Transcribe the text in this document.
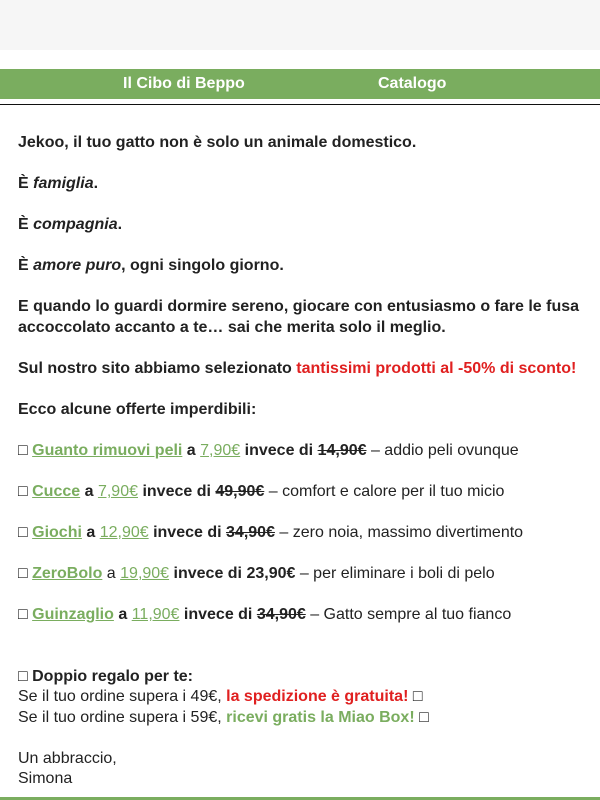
Il Cibo di Beppo	Catalogo
Jekoo, il tuo gatto non è solo un animale domestico.
È famiglia.
È compagnia.
È amore puro, ogni singolo giorno.
E quando lo guardi dormire sereno, giocare con entusiasmo o fare le fusa
accoccolato accanto a te… sai che merita solo il meglio.
Sul nostro sito abbiamo selezionato tantissimi prodotti al -50% di sconto!
Ecco alcune offerte imperdibili:
□ Guanto rimuovi peli a 7,90€ invece di 14,90€ – addio peli ovunque
□ Cucce a 7,90€ invece di 49,90€ – comfort e calore per il tuo micio
□ Giochi a 12,90€ invece di 34,90€ – zero noia, massimo divertimento
□ ZeroBolo a 19,90€ invece di 23,90€ – per eliminare i boli di pelo
□ Guinzaglio a 11,90€ invece di 34,90€ – Gatto sempre al tuo fianco
□ Doppio regalo per te:
Se il tuo ordine supera i 49€, la spedizione è gratuita! □
Se il tuo ordine supera i 59€, ricevi gratis la Miao Box! □
Un abbraccio,
Simona
